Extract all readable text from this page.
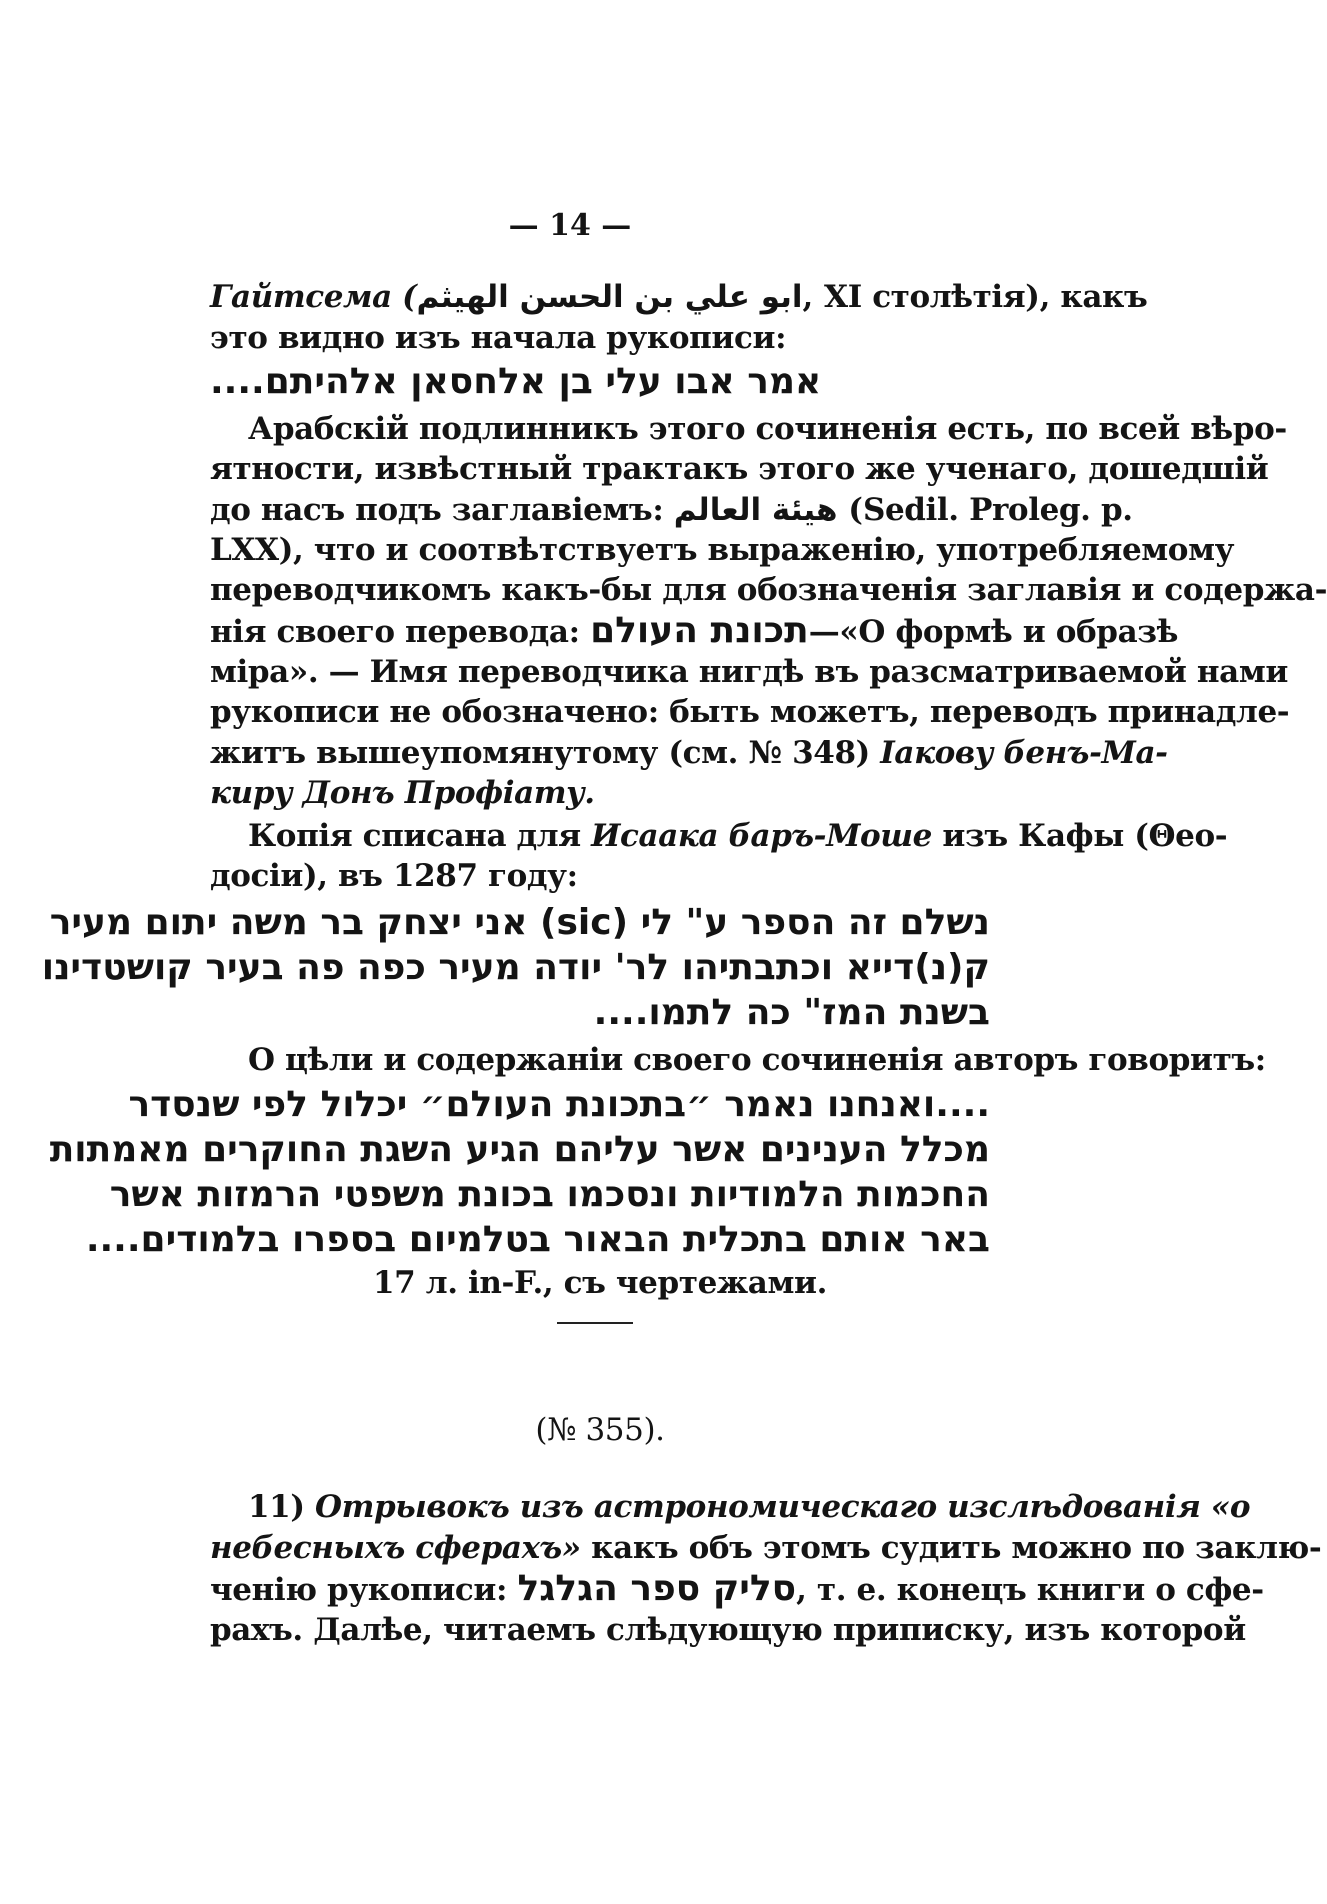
— 14 —
Гайтсема (ابو علي بن الحسن الهيثم, XI столѣтія), какъ
это видно изъ начала рукописи:
אמר אבו עלי בן אלחסאן אלהיתם....
Арабскій подлинникъ этого сочиненія есть, по всей вѣро-
ятности, извѣстный трактакъ этого же ученаго, дошедшій
до насъ подъ заглавіемъ: هيئة العالم (Sedil. Proleg. p.
LXX), что и соотвѣтствуетъ выраженію, употребляемому
переводчикомъ какъ-бы для обозначенія заглавія и содержа-
нія своего перевода: תכונת העולם—«О формѣ и образѣ
міра». — Имя переводчика нигдѣ въ разсматриваемой нами
рукописи не обозначено: быть можетъ, переводъ принадле-
житъ вышеупомянутому (см. № 348) Іакову бенъ-Ма-
киру Донъ Профіату.
Копія списана для Исаака баръ-Моше изъ Кафы (Θео-
досіи), въ 1287 году:
נשלם זה הספר ע" לי (sic) אני יצחק בר משה יתום מעיר
ק(נ)דייא וכתבתיהו לר' יודה מעיר כפה פה בעיר קושטדינו
בשנת המז" כה לתמו....
О цѣли и содержаніи своего сочиненія авторъ говоритъ:
....ואנחנו נאמר ״בתכונת העולם״ יכלול לפי שנסדר
מכלל הענינים אשר עליהם הגיע השגת החוקרים מאמתות
החכמות הלמודיות ונסכמו בכונת משפטי הרמזות אשר
באר אותם בתכלית הבאור בטלמיום בספרו בלמודים....
17 л. in-F., съ чертежами.
(№ 355).
11) Отрывокъ изъ астрономическаго изслѣдованія «о
небесныхъ сферахъ» какъ объ этомъ судить можно по заклю-
ченію рукописи: סליק ספר הגלגל, т. е. конецъ книги о сфе-
рахъ. Далѣе, читаемъ слѣдующую приписку, изъ которой
